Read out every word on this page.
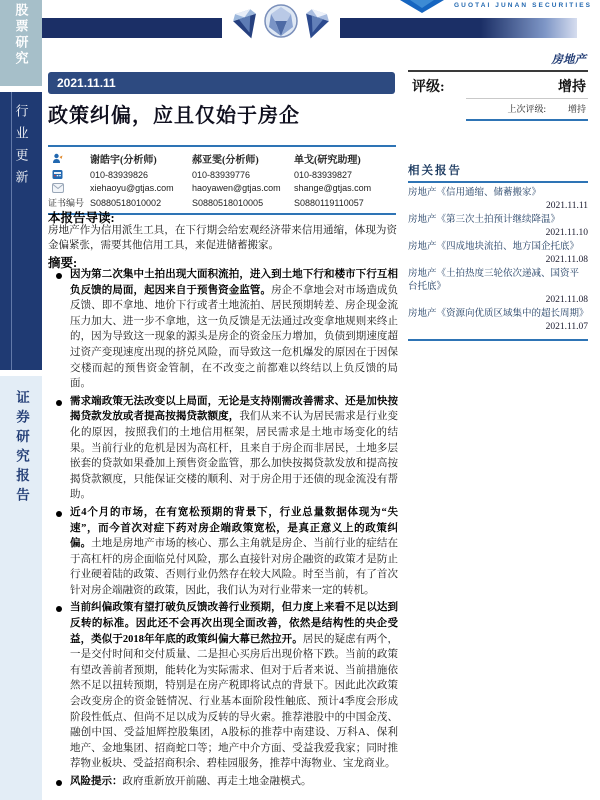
股票研究
行业更新
证券研究报告
GUOTAI JUNAN SECURITIES
房地产
2021.11.11
政策纠偏，应且仅始于房企
评级:	增持
上次评级: 增持
谢皓宇(分析师)	郝亚雯(分析师)	单戈(研究助理)
010-83939826	010-83939776	010-83939827
xiehaoyu@gtjas.com	haoyawen@gtjas.com	shange@gtjas.com
证书编号 S0880518010002	S0880518010005	S0880119110057
本报告导读:

房地产作为信用派生工具，在下行期会给宏观经济带来信用通缩，体现为资金偏紧张，需要其他信用工具，来促进储蓄搬家。

摘要:
因为第二次集中土拍出现大面积流拍，进入到土地下行和楼市下行互相负反馈的局面，起因来自于预售资金监管。房企不拿地会对市场造成负反馈、即不拿地、地价下行或者土地流拍、居民预期转差、房企现金流压力加大、进一步不拿地，这一负反馈是无法通过改变拿地规则来终止的，因为导致这一现象的源头是房企的资金压力增加，负债到期速度超过资产变现速度出现的挤兑风险，而导致这一危机爆发的原因在于因保交楼而起的预售资金管制，在不改变之前都难以终结以上负反馈的局面。
需求端政策无法改变以上局面，无论是支持刚需改善需求、还是加快按揭贷款发放或者提高按揭贷款额度，我们从来不认为居民需求是行业变化的原因，按照我们的土地信用框架，居民需求是土地市场变化的结果。当前行业的危机是因为高杠杆，且来自于房企而非居民，土地多层嵌套的贷款如果叠加上预售资金监管，那么加快按揭贷款发放和提高按揭贷款额度，只能保证交楼的顺利、对于房企用于还债的现金流没有帮助。
近4个月的市场，在有宽松预期的背景下，行业总量数据体现为“失速”，而今首次对症下药对房企端政策宽松，是真正意义上的政策纠偏。土地是房地产市场的核心、那么主角就是房企、当前行业的症结在于高杠杆的房企面临兑付风险，那么直接针对房企融资的政策才是防止行业硬着陆的政策、否则行业仍然存在较大风险。时至当前，有了首次针对房企端融资的政策，因此，我们认为对行业带来一定的转机。
当前纠偏政策有望打破负反馈改善行业预期，但力度上来看不足以达到反转的标准。因此还不会再次出现全面改善，依然是结构性的央企受益，类似于2018年年底的政策纠偏大幕已然拉开。居民的疑虑有两个，一是交付时间和交付质量、二是担心买房后出现价格下跌。当前的政策有望改善前者预期，能转化为实际需求、但对于后者来说、当前措施依然不足以扭转预期，特别是在房产税即将试点的背景下。因此此次政策会改变房企的资金链情况、行业基本面阶段性触底、预计4季度会形成阶段性低点、但尚不足以成为反转的导火索。推荐港股中的中国金茂、融创中国、受益旭辉控股集团，A股标的推荐中南建设、万科A、保利地产、金地集团、招商蛇口等；地产中介方面、受益我爱我家；同时推荐物业板块、受益招商积余、碧桂园服务，推荐中海物业、宝龙商业。
风险提示：政府重新放开前融、再走土地金融模式。
相关报告
房地产《信用通缩、储蓄搬家》
2021.11.11
房地产《第三次土拍预计继续降温》
2021.11.10
房地产《四成地块流拍、地方国企托底》
2021.11.08
房地产《土拍热度三轮依次递减、国资平台托底》
2021.11.08
房地产《资源向优质区域集中的超长周期》
2021.11.07
